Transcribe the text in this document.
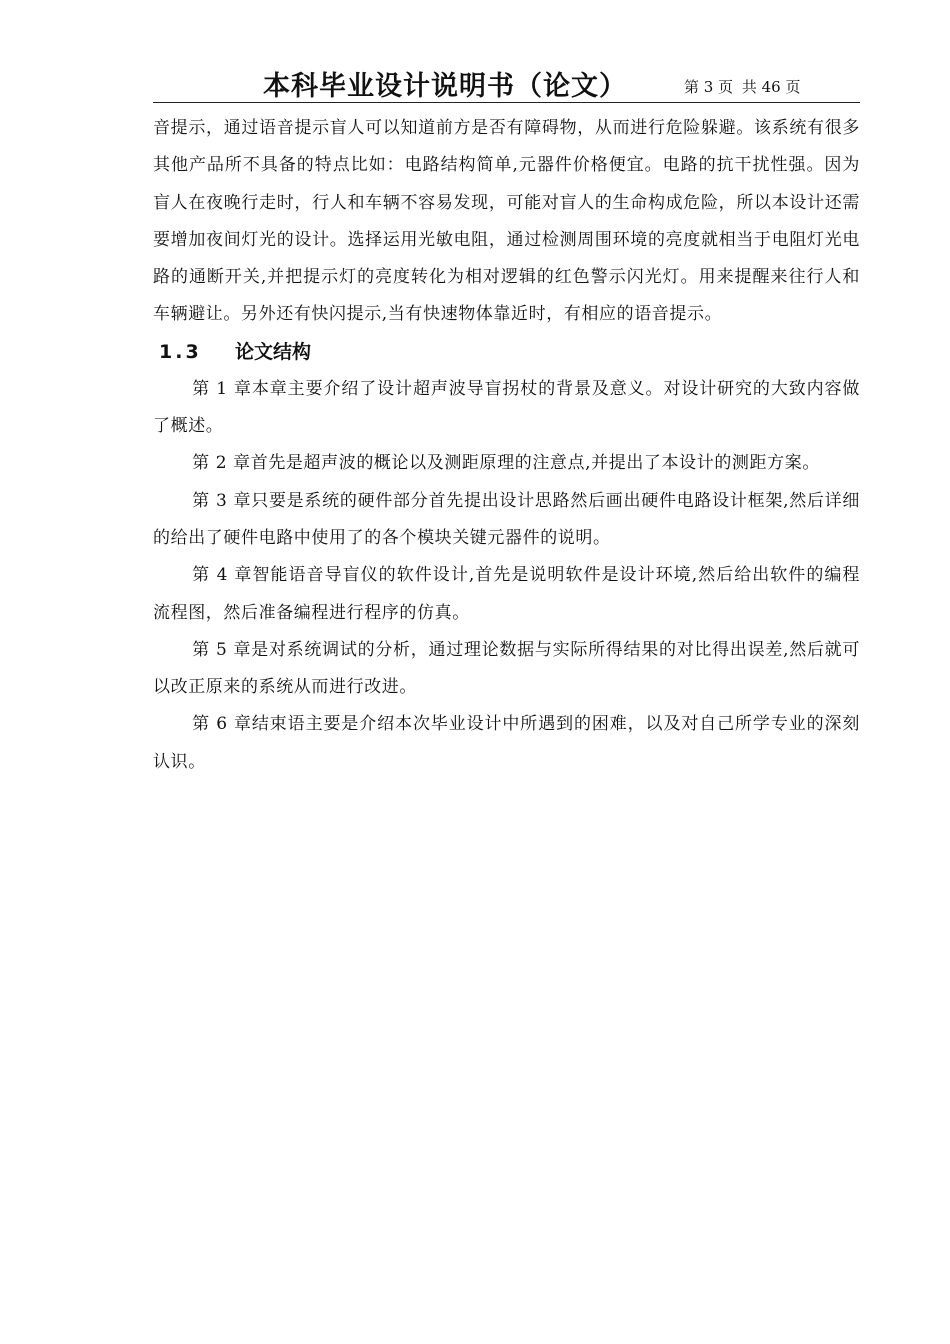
本科毕业设计说明书（论文）	第 3 页 共 46 页

音提示，通过语音提示盲人可以知道前方是否有障碍物，从而进行危险躲避。该系统有很多其他产品所不具备的特点比如：电路结构简单,元器件价格便宜。电路的抗干扰性强。因为盲人在夜晚行走时，行人和车辆不容易发现，可能对盲人的生命构成危险，所以本设计还需要增加夜间灯光的设计。选择运用光敏电阻，通过检测周围环境的亮度就相当于电阻灯光电路的通断开关,并把提示灯的亮度转化为相对逻辑的红色警示闪光灯。用来提醒来往行人和车辆避让。另外还有快闪提示,当有快速物体靠近时，有相应的语音提示。

1.3 论文结构

第 1 章本章主要介绍了设计超声波导盲拐杖的背景及意义。对设计研究的大致内容做了概述。

第 2 章首先是超声波的概论以及测距原理的注意点,并提出了本设计的测距方案。

第 3 章只要是系统的硬件部分首先提出设计思路然后画出硬件电路设计框架,然后详细的给出了硬件电路中使用了的各个模块关键元器件的说明。

第 4 章智能语音导盲仪的软件设计,首先是说明软件是设计环境,然后给出软件的编程流程图，然后准备编程进行程序的仿真。

第 5 章是对系统调试的分析，通过理论数据与实际所得结果的对比得出误差,然后就可以改正原来的系统从而进行改进。

第 6 章结束语主要是介绍本次毕业设计中所遇到的困难，以及对自己所学专业的深刻认识。
